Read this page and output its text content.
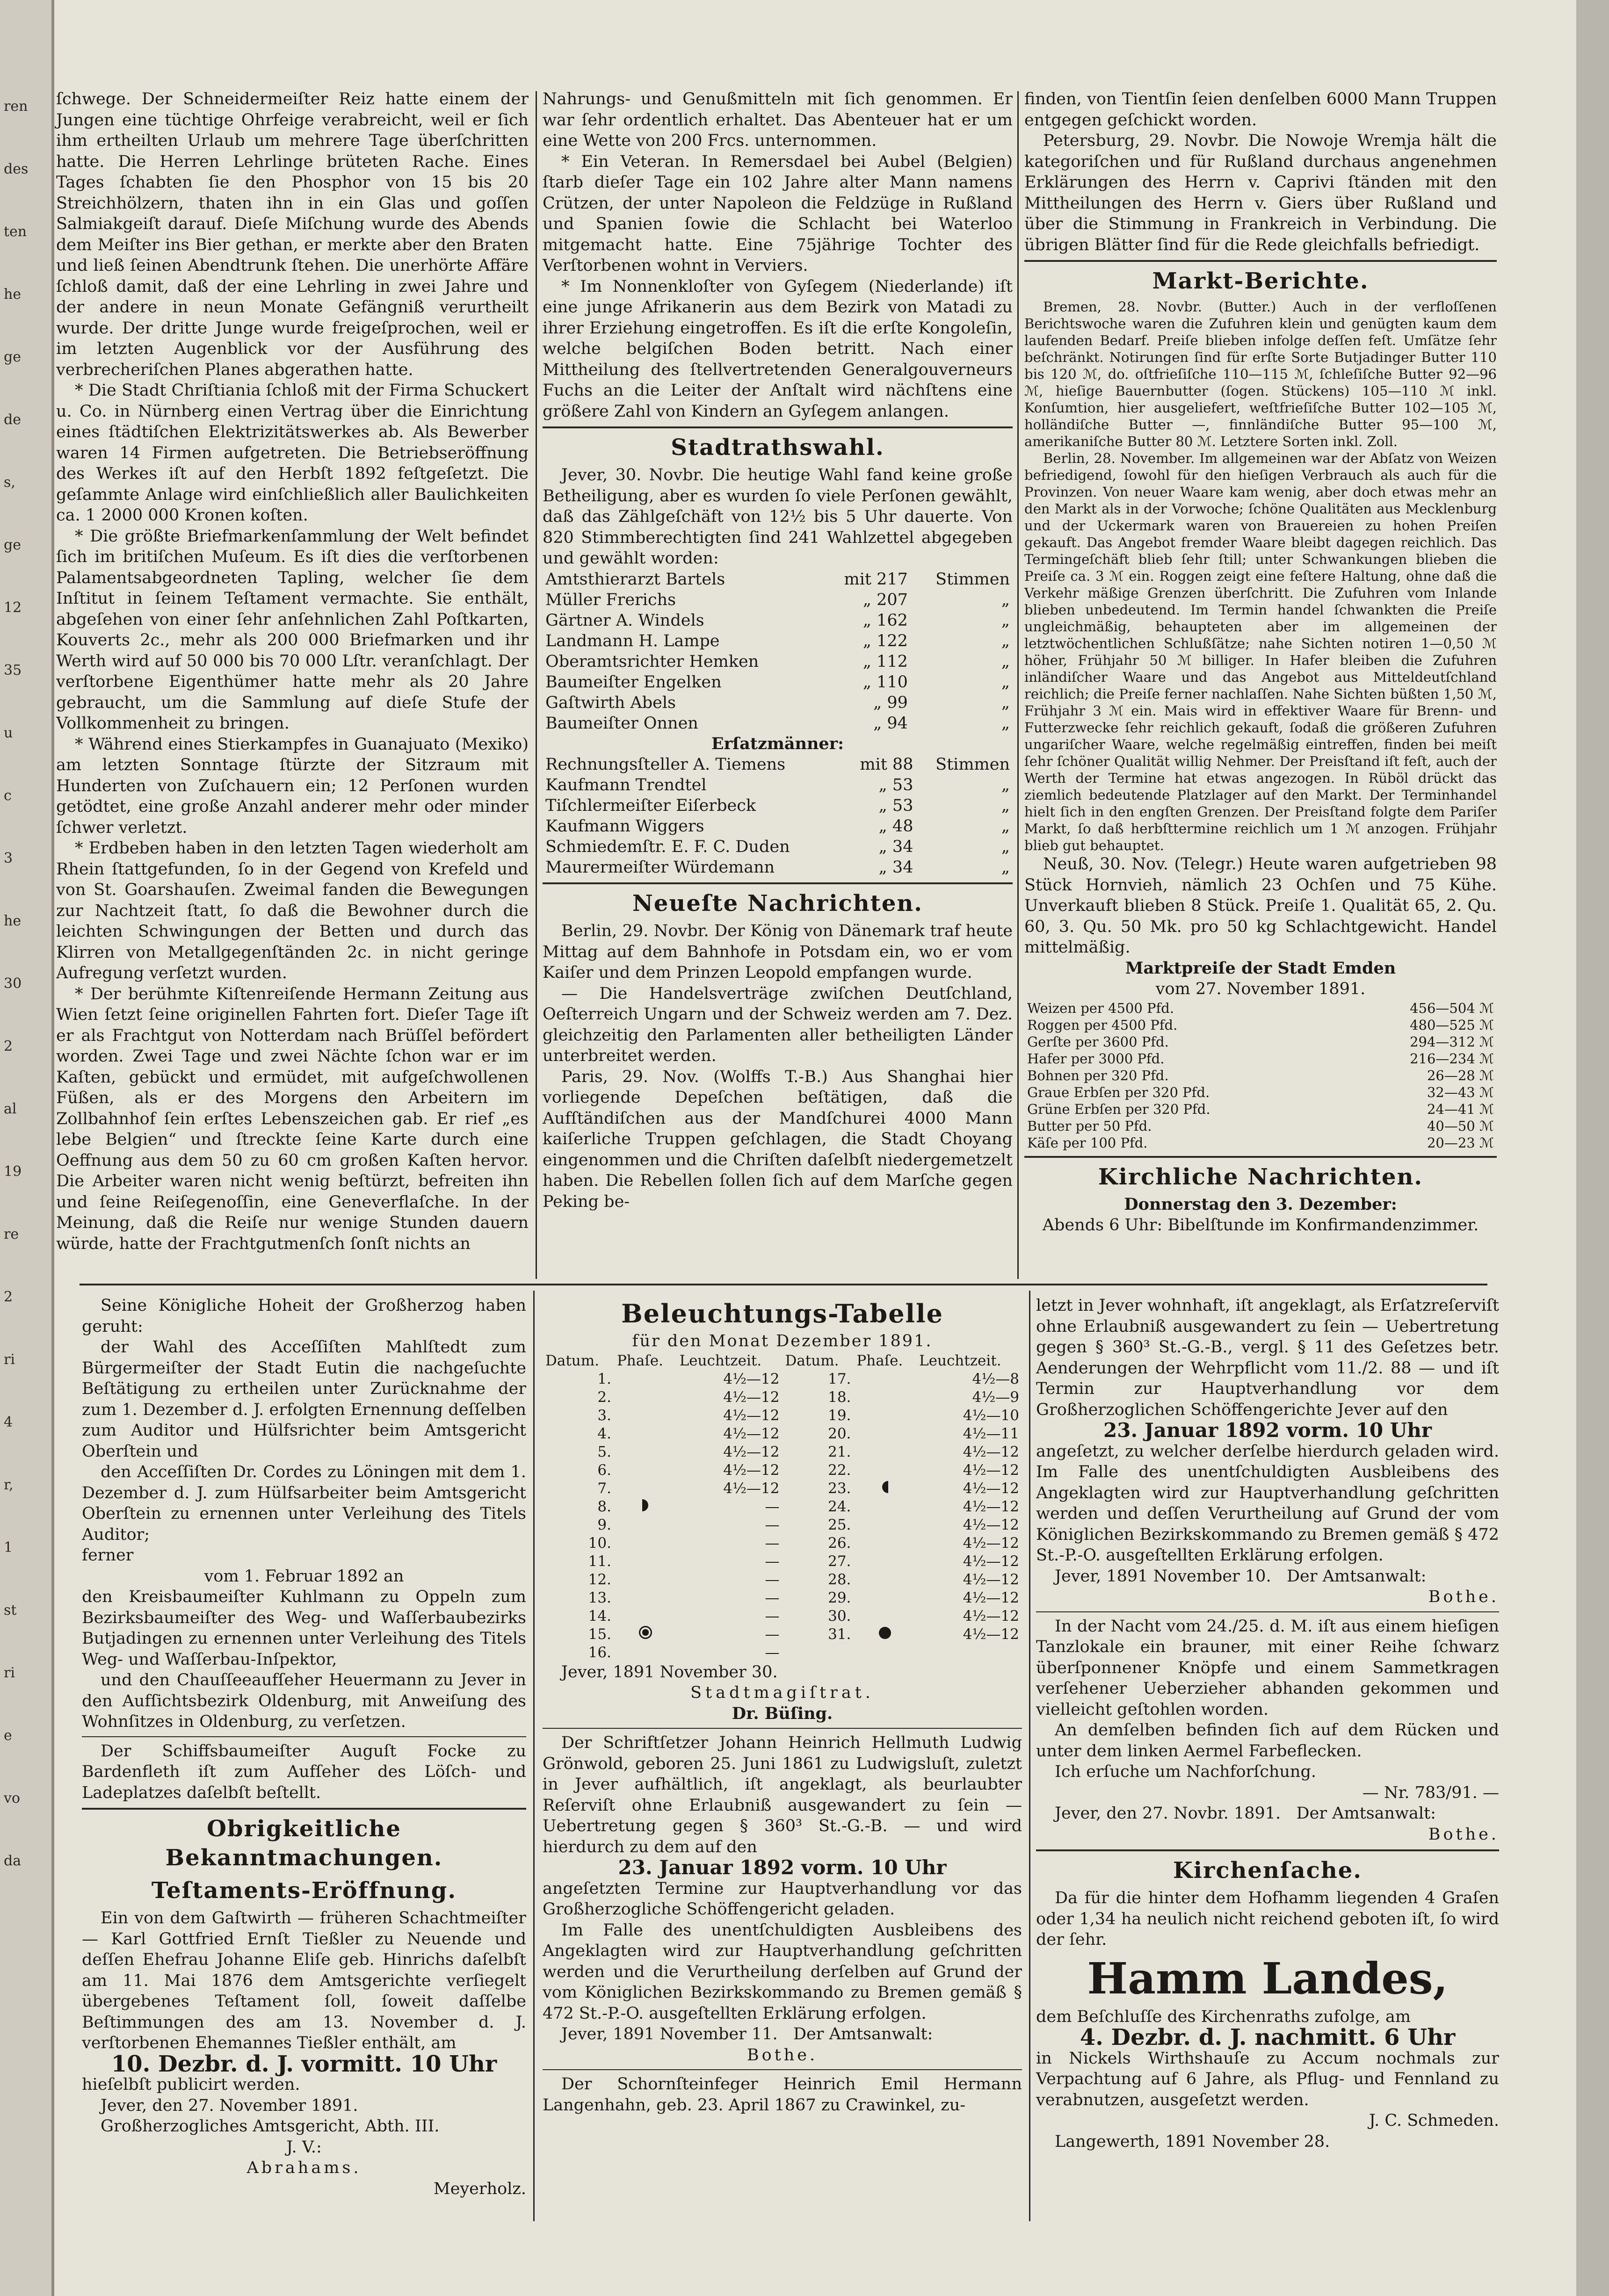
ren
des
ten
he
ge
de
s,
ge
12
35
u
c
3
he
30
2
al
19
re
2
ri
4
r,
1
st
ri
e
vo
da

ſchwege. Der Schneidermeiſter Reiz hatte einem der Jungen eine tüchtige Ohrfeige verabreicht, weil er ſich ihm ertheilten Urlaub um mehrere Tage überſchritten hatte. Die Herren Lehrlinge brüteten Rache. Eines Tages ſchabten ſie den Phosphor von 15 bis 20 Streichhölzern, thaten ihn in ein Glas und goſſen Salmiakgeiſt darauf. Dieſe Miſchung wurde des Abends dem Meiſter ins Bier gethan, er merkte aber den Braten und ließ ſeinen Abendtrunk ſtehen. Die unerhörte Affäre ſchloß damit, daß der eine Lehrling in zwei Jahre und der andere in neun Monate Gefängniß verurtheilt wurde. Der dritte Junge wurde freigeſprochen, weil er im letzten Augenblick vor der Ausführung des verbrecheriſchen Planes abgerathen hatte.

* Die Stadt Chriſtiania ſchloß mit der Firma Schuckert u. Co. in Nürnberg einen Vertrag über die Einrichtung eines ſtädtiſchen Elektrizitätswerkes ab. Als Bewerber waren 14 Firmen aufgetreten. Die Betriebseröffnung des Werkes iſt auf den Herbſt 1892 feſtgeſetzt. Die geſammte Anlage wird einſchließlich aller Baulichkeiten ca. 1 2000 000 Kronen koſten.

* Die größte Briefmarkenſammlung der Welt befindet ſich im britiſchen Muſeum. Es iſt dies die verſtorbenen Palamentsabgeordneten Tapling, welcher ſie dem Inſtitut in ſeinem Teſtament vermachte. Sie enthält, abgeſehen von einer ſehr anſehnlichen Zahl Poſtkarten, Kouverts 2c., mehr als 200 000 Briefmarken und ihr Werth wird auf 50 000 bis 70 000 Lſtr. veranſchlagt. Der verſtorbene Eigenthümer hatte mehr als 20 Jahre gebraucht, um die Sammlung auf dieſe Stufe der Vollkommenheit zu bringen.

* Während eines Stierkampfes in Guanajuato (Mexiko) am letzten Sonntage ſtürzte der Sitzraum mit Hunderten von Zuſchauern ein; 12 Perſonen wurden getödtet, eine große Anzahl anderer mehr oder minder ſchwer verletzt.

* Erdbeben haben in den letzten Tagen wiederholt am Rhein ſtattgefunden, ſo in der Gegend von Krefeld und von St. Goarshauſen. Zweimal fanden die Bewegungen zur Nachtzeit ſtatt, ſo daß die Bewohner durch die leichten Schwingungen der Betten und durch das Klirren von Metallgegenſtänden 2c. in nicht geringe Aufregung verſetzt wurden.

* Der berühmte Kiſtenreiſende Hermann Zeitung aus Wien ſetzt ſeine originellen Fahrten fort. Dieſer Tage iſt er als Frachtgut von Notterdam nach Brüſſel befördert worden. Zwei Tage und zwei Nächte ſchon war er im Kaſten, gebückt und ermüdet, mit aufgeſchwollenen Füßen, als er des Morgens den Arbeitern im Zollbahnhof ſein erſtes Lebenszeichen gab. Er rief „es lebe Belgien“ und ſtreckte ſeine Karte durch eine Oeffnung aus dem 50 zu 60 cm großen Kaſten hervor. Die Arbeiter waren nicht wenig beſtürzt, befreiten ihn und ſeine Reiſegenoſſin, eine Geneverflaſche. In der Meinung, daß die Reiſe nur wenige Stunden dauern würde, hatte der Frachtgutmenſch ſonſt nichts an

Nahrungs- und Genußmitteln mit ſich genommen. Er war ſehr ordentlich erhaltet. Das Abenteuer hat er um eine Wette von 200 Frcs. unternommen.

* Ein Veteran. In Remersdael bei Aubel (Belgien) ſtarb dieſer Tage ein 102 Jahre alter Mann namens Crützen, der unter Napoleon die Feldzüge in Rußland und Spanien ſowie die Schlacht bei Waterloo mitgemacht hatte. Eine 75jährige Tochter des Verſtorbenen wohnt in Verviers.

* Im Nonnenkloſter von Gyſegem (Niederlande) iſt eine junge Afrikanerin aus dem Bezirk von Matadi zu ihrer Erziehung eingetroffen. Es iſt die erſte Kongoleſin, welche belgiſchen Boden betritt. Nach einer Mittheilung des ſtellvertretenden Generalgouverneurs Fuchs an die Leiter der Anſtalt wird nächſtens eine größere Zahl von Kindern an Gyſegem anlangen.

Stadtrathswahl.

Jever, 30. Novbr. Die heutige Wahl fand keine große Betheiligung, aber es wurden ſo viele Perſonen gewählt, daß das Zählgeſchäft von 12½ bis 5 Uhr dauerte. Von 820 Stimmberechtigten ſind 241 Wahlzettel abgegeben und gewählt worden:

Amtsthierarzt Bartels	mit 217	Stimmen
Müller Frerichs	„ 207	„
Gärtner A. Windels	„ 162	„
Landmann H. Lampe	„ 122	„
Oberamtsrichter Hemken	„ 112	„
Baumeiſter Engelken	„ 110	„
Gaſtwirth Abels	„ 99	„
Baumeiſter Onnen	„ 94	„
Erſatzmänner:
Rechnungsſteller A. Tiemens	mit 88	Stimmen
Kaufmann Trendtel	„ 53	„
Tiſchlermeiſter Eiſerbeck	„ 53	„
Kaufmann Wiggers	„ 48	„
Schmiedemſtr. E. F. C. Duden	„ 34	„
Maurermeiſter Würdemann	„ 34	„
Neueſte Nachrichten.

Berlin, 29. Novbr. Der König von Dänemark traf heute Mittag auf dem Bahnhofe in Potsdam ein, wo er vom Kaiſer und dem Prinzen Leopold empfangen wurde.

— Die Handelsverträge zwiſchen Deutſchland, Oeſterreich Ungarn und der Schweiz werden am 7. Dez. gleichzeitig den Parlamenten aller betheiligten Länder unterbreitet werden.

Paris, 29. Nov. (Wolffs T.-B.) Aus Shanghai hier vorliegende Depeſchen beſtätigen, daß die Aufſtändiſchen aus der Mandſchurei 4000 Mann kaiſerliche Truppen geſchlagen, die Stadt Choyang eingenommen und die Chriſten daſelbſt niedergemetzelt haben. Die Rebellen ſollen ſich auf dem Marſche gegen Peking be-

finden, von Tientſin ſeien denſelben 6000 Mann Truppen entgegen geſchickt worden.

Petersburg, 29. Novbr. Die Nowoje Wremja hält die kategoriſchen und für Rußland durchaus angenehmen Erklärungen des Herrn v. Caprivi ſtänden mit den Mittheilungen des Herrn v. Giers über Rußland und über die Stimmung in Frankreich in Verbindung. Die übrigen Blätter ſind für die Rede gleichfalls befriedigt.

Markt-Berichte.

Bremen, 28. Novbr. (Butter.) Auch in der verfloſſenen Berichtswoche waren die Zufuhren klein und genügten kaum dem laufenden Bedarf. Preiſe blieben infolge deſſen feſt. Umſätze ſehr beſchränkt. Notirungen ſind für erſte Sorte Butjadinger Butter 110 bis 120 ℳ, do. oſtfrieſiſche 110—115 ℳ, ſchleſiſche Butter 92—96 ℳ, hieſige Bauernbutter (ſogen. Stückens) 105—110 ℳ inkl. Konſumtion, hier ausgeliefert, weſtfrieſiſche Butter 102—105 ℳ, holländiſche Butter —, finnländiſche Butter 95—100 ℳ, amerikaniſche Butter 80 ℳ. Letztere Sorten inkl. Zoll.

Berlin, 28. November. Im allgemeinen war der Abſatz von Weizen befriedigend, ſowohl für den hieſigen Verbrauch als auch für die Provinzen. Von neuer Waare kam wenig, aber doch etwas mehr an den Markt als in der Vorwoche; ſchöne Qualitäten aus Mecklenburg und der Uckermark waren von Brauereien zu hohen Preiſen gekauft. Das Angebot fremder Waare bleibt dagegen reichlich. Das Termingeſchäft blieb ſehr ſtill; unter Schwankungen blieben die Preiſe ca. 3 ℳ ein. Roggen zeigt eine feſtere Haltung, ohne daß die Verkehr mäßige Grenzen überſchritt. Die Zufuhren vom Inlande blieben unbedeutend. Im Termin handel ſchwankten die Preiſe ungleichmäßig, behaupteten aber im allgemeinen der letztwöchentlichen Schlußſätze; nahe Sichten notiren 1—0,50 ℳ höher, Frühjahr 50 ℳ billiger. In Hafer bleiben die Zufuhren inländiſcher Waare und das Angebot aus Mitteldeutſchland reichlich; die Preiſe ferner nachlaſſen. Nahe Sichten büßten 1,50 ℳ, Frühjahr 3 ℳ ein. Mais wird in effektiver Waare für Brenn- und Futterzwecke ſehr reichlich gekauft, ſodaß die größeren Zufuhren ungariſcher Waare, welche regelmäßig eintreffen, finden bei meiſt ſehr ſchöner Qualität willig Nehmer. Der Preisſtand iſt feſt, auch der Werth der Termine hat etwas angezogen. In Rüböl drückt das ziemlich bedeutende Platzlager auf den Markt. Der Terminhandel hielt ſich in den engſten Grenzen. Der Preisſtand folgte dem Pariſer Markt, ſo daß herbſttermine reichlich um 1 ℳ anzogen. Frühjahr blieb gut behauptet.

Neuß, 30. Nov. (Telegr.) Heute waren aufgetrieben 98 Stück Hornvieh, nämlich 23 Ochſen und 75 Kühe. Unverkauft blieben 8 Stück. Preiſe 1. Qualität 65, 2. Qu. 60, 3. Qu. 50 Mk. pro 50 kg Schlachtgewicht. Handel mittelmäßig.

Marktpreiſe der Stadt Emden
vom 27. November 1891.
Weizen per 4500 Pfd.	456—504 ℳ
Roggen per 4500 Pfd.	480—525 ℳ
Gerſte per 3600 Pfd.	294—312 ℳ
Hafer per 3000 Pfd.	216—234 ℳ
Bohnen per 320 Pfd.	26—28 ℳ
Graue Erbſen per 320 Pfd.	32—43 ℳ
Grüne Erbſen per 320 Pfd.	24—41 ℳ
Butter per 50 Pfd.	40—50 ℳ
Käſe per 100 Pfd.	20—23 ℳ
Kirchliche Nachrichten.
Donnerstag den 3. Dezember:
Abends 6 Uhr: Bibelſtunde im Konfirmandenzimmer.

Seine Königliche Hoheit der Großherzog haben geruht:

der Wahl des Acceſſiſten Mahlſtedt zum Bürgermeiſter der Stadt Eutin die nachgeſuchte Beſtätigung zu ertheilen unter Zurücknahme der zum 1. Dezember d. J. erfolgten Ernennung deſſelben zum Auditor und Hülfsrichter beim Amtsgericht Oberſtein und

den Acceſſiſten Dr. Cordes zu Löningen mit dem 1. Dezember d. J. zum Hülfsarbeiter beim Amtsgericht Oberſtein zu ernennen unter Verleihung des Titels Auditor;

ferner

vom 1. Februar 1892 an

den Kreisbaumeiſter Kuhlmann zu Oppeln zum Bezirksbaumeiſter des Weg- und Waſſerbaubezirks Butjadingen zu ernennen unter Verleihung des Titels Weg- und Waſſerbau-Inſpektor,

und den Chauſſeeaufſeher Heuermann zu Jever in den Aufſichtsbezirk Oldenburg, mit Anweiſung des Wohnſitzes in Oldenburg, zu verſetzen.

Der Schiffsbaumeiſter Auguſt Focke zu Bardenfleth iſt zum Aufſeher des Löſch- und Ladeplatzes daſelbſt beſtellt.

Obrigkeitliche Bekanntmachungen.
Teſtaments-Eröffnung.

Ein von dem Gaſtwirth — früheren Schachtmeiſter — Karl Gottfried Ernſt Tießler zu Neuende und deſſen Ehefrau Johanne Eliſe geb. Hinrichs daſelbſt am 11. Mai 1876 dem Amtsgerichte verſiegelt übergebenes Teſtament ſoll, ſoweit daſſelbe Beſtimmungen des am 13. November d. J. verſtorbenen Ehemannes Tießler enthält, am

10. Dezbr. d. J. vormitt. 10 Uhr

hieſelbſt publicirt werden.

Jever, den 27. November 1891.

Großherzogliches Amtsgericht, Abth. III.

J. V.:

Abrahams.

Meyerholz.

Beleuchtungs-Tabelle
für den Monat Dezember 1891.
Datum.	Phaſe.	Leuchtzeit.	Datum.	Phaſe.	Leuchtzeit.
1.		4½—12	17.		4½—8
2.		4½—12	18.		4½—9
3.		4½—12	19.		4½—10
4.		4½—12	20.		4½—11
5.		4½—12	21.		4½—12
6.		4½—12	22.		4½—12
7.		4½—12	23.		4½—12
8.		—	24.		4½—12
9.		—	25.		4½—12
10.		—	26.		4½—12
11.		—	27.		4½—12
12.		—	28.		4½—12
13.		—	29.		4½—12
14.		—	30.		4½—12
15.		—	31.		4½—12
16.		—			

Jever, 1891 November 30.

Stadtmagiſtrat.

Dr. Büſing.

Der Schriftſetzer Johann Heinrich Hellmuth Ludwig Grönwold, geboren 25. Juni 1861 zu Ludwigsluſt, zuletzt in Jever aufhältlich, iſt angeklagt, als beurlaubter Reſerviſt ohne Erlaubniß ausgewandert zu ſein — Uebertretung gegen § 360³ St.-G.-B. — und wird hierdurch zu dem auf den

23. Januar 1892 vorm. 10 Uhr

angeſetzten Termine zur Hauptverhandlung vor das Großherzogliche Schöffengericht geladen.

Im Falle des unentſchuldigten Ausbleibens des Angeklagten wird zur Hauptverhandlung geſchritten werden und die Verurtheilung derſelben auf Grund der vom Königlichen Bezirkskommando zu Bremen gemäß § 472 St.-P.-O. ausgeſtellten Erklärung erfolgen.

Jever, 1891 November 11. Der Amtsanwalt:

Bothe.

Der Schornſteinfeger Heinrich Emil Hermann Langenhahn, geb. 23. April 1867 zu Crawinkel, zu-

letzt in Jever wohnhaft, iſt angeklagt, als Erſatzreſerviſt ohne Erlaubniß ausgewandert zu ſein — Uebertretung gegen § 360³ St.-G.-B., vergl. § 11 des Geſetzes betr. Aenderungen der Wehrpflicht vom 11./2. 88 — und iſt Termin zur Hauptverhandlung vor dem Großherzoglichen Schöffengerichte Jever auf den

23. Januar 1892 vorm. 10 Uhr

angeſetzt, zu welcher derſelbe hierdurch geladen wird. Im Falle des unentſchuldigten Ausbleibens des Angeklagten wird zur Hauptverhandlung geſchritten werden und deſſen Verurtheilung auf Grund der vom Königlichen Bezirkskommando zu Bremen gemäß § 472 St.-P.-O. ausgeſtellten Erklärung erfolgen.

Jever, 1891 November 10. Der Amtsanwalt:

Bothe.

In der Nacht vom 24./25. d. M. iſt aus einem hieſigen Tanzlokale ein brauner, mit einer Reihe ſchwarz überſponnener Knöpfe und einem Sammetkragen verſehener Ueberzieher abhanden gekommen und vielleicht geſtohlen worden.

An demſelben befinden ſich auf dem Rücken und unter dem linken Aermel Farbeflecken.

Ich erſuche um Nachforſchung.

— Nr. 783/91. —

Jever, den 27. Novbr. 1891. Der Amtsanwalt:

Bothe.

Kirchenſache.

Da für die hinter dem Hofhamm liegenden 4 Graſen oder 1,34 ha neulich nicht reichend geboten iſt, ſo wird der ſehr.

Hamm Landes,

dem Beſchluſſe des Kirchenraths zufolge, am

4. Dezbr. d. J. nachmitt. 6 Uhr

in Nickels Wirthshauſe zu Accum nochmals zur Verpachtung auf 6 Jahre, als Pflug- und Fennland zu verabnutzen, ausgeſetzt werden.

J. C. Schmeden.

Langewerth, 1891 November 28.
